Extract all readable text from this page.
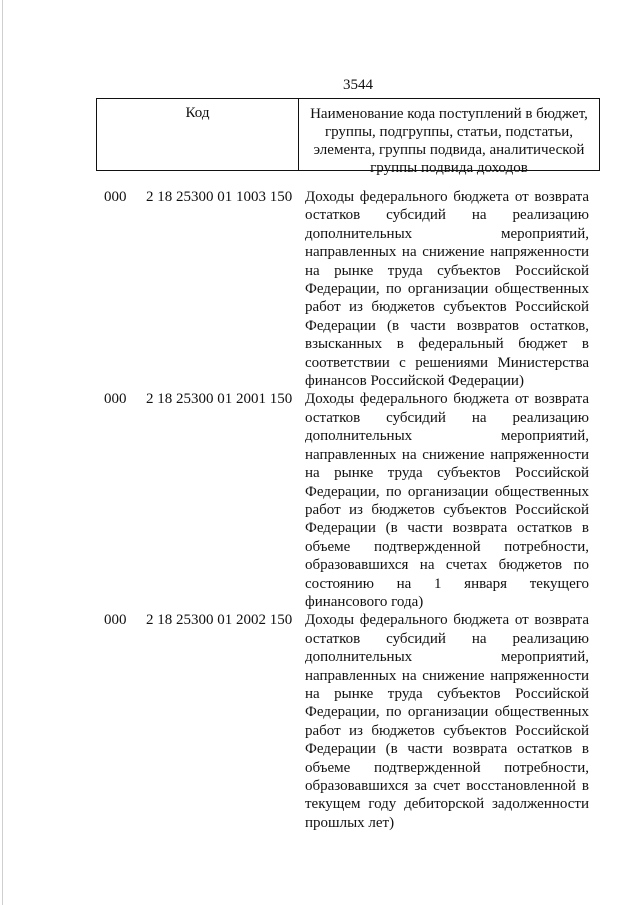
3544
Код	Наименование кода поступлений в бюджет, группы, подгруппы, статьи, подстатьи, элемента, группы подвида, аналитической группы подвида доходов
000 2 18 25300 01 1003 150 Доходы федерального бюджета от возврата остатков субсидий на реализацию дополнительных мероприятий, направленных на снижение напряженности на рынке труда субъектов Российской Федерации, по организации общественных работ из бюджетов субъектов Российской Федерации (в части возвратов остатков, взысканных в федеральный бюджет в соответствии с решениями Министерства финансов Российской Федерации)
000 2 18 25300 01 2001 150 Доходы федерального бюджета от возврата остатков субсидий на реализацию дополнительных мероприятий, направленных на снижение напряженности на рынке труда субъектов Российской Федерации, по организации общественных работ из бюджетов субъектов Российской Федерации (в части возврата остатков в объеме подтвержденной потребности, образовавшихся на счетах бюджетов по состоянию на 1 января текущего финансового года)
000 2 18 25300 01 2002 150 Доходы федерального бюджета от возврата остатков субсидий на реализацию дополнительных мероприятий, направленных на снижение напряженности на рынке труда субъектов Российской Федерации, по организации общественных работ из бюджетов субъектов Российской Федерации (в части возврата остатков в объеме подтвержденной потребности, образовавшихся за счет восстановленной в текущем году дебиторской задолженности прошлых лет)
